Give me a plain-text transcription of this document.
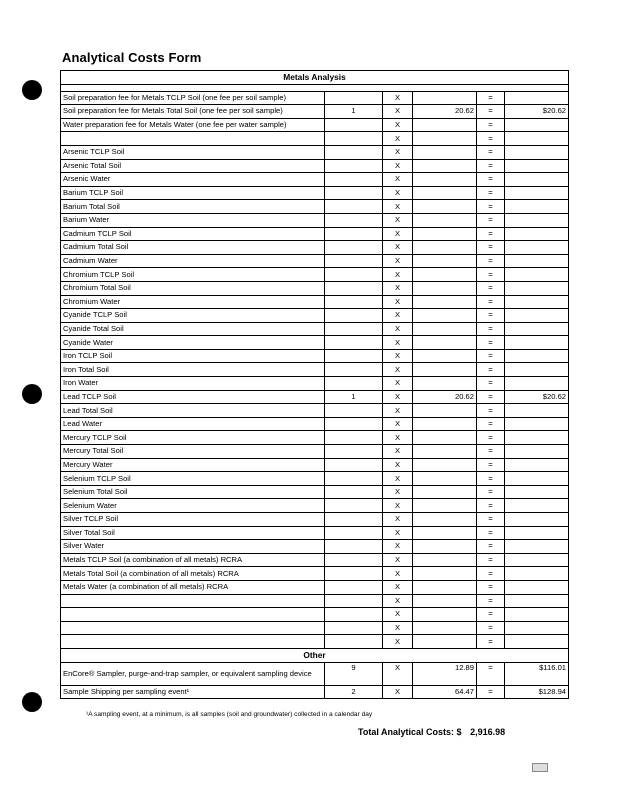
Analytical Costs Form
Metals Analysis					

Soil preparation fee for Metals TCLP Soil (one fee per soil sample)		X		=	
Soil preparation fee for Metals Total Soil (one fee per soil sample)	1	X	20.62	=	$20.62
Water preparation fee for Metals Water (one fee per water sample)		X		=	
		X		=	
Arsenic TCLP Soil		X		=	
Arsenic Total Soil		X		=	
Arsenic Water		X		=	
Barium TCLP Soil		X		=	
Barium Total Soil		X		=	
Barium Water		X		=	
Cadmium TCLP Soil		X		=	
Cadmium Total Soil		X		=	
Cadmium Water		X		=	
Chromium TCLP Soil		X		=	
Chromium Total Soil		X		=	
Chromium Water		X		=	
Cyanide TCLP Soil		X		=	
Cyanide Total Soil		X		=	
Cyanide Water		X		=	
Iron TCLP Soil		X		=	
Iron Total Soil		X		=	
Iron Water		X		=	
Lead TCLP Soil	1	X	20.62	=	$20.62
Lead Total Soil		X		=	
Lead Water		X		=	
Mercury TCLP Soil		X		=	
Mercury Total Soil		X		=	
Mercury Water		X		=	
Selenium TCLP Soil		X		=	
Selenium Total Soil		X		=	
Selenium Water		X		=	
Silver TCLP Soil		X		=	
Silver Total Soil		X		=	
Silver Water		X		=	
Metals TCLP Soil (a combination of all metals) RCRA		X		=	
Metals Total Soil (a combination of all metals) RCRA		X		=	
Metals Water (a combination of all metals) RCRA		X		=	
		X		=	
		X		=	
		X		=	
		X		=	
Other					
EnCore® Sampler, purge-and-trap sampler, or equivalent sampling device	9	X	12.89	=	$116.01
Sample Shipping per sampling event¹	2	X	64.47	=	$128.94
¹A sampling event, at a minimum, is all samples (soil and groundwater) collected in a calendar day
Total Analytical Costs: $ 2,916.98
